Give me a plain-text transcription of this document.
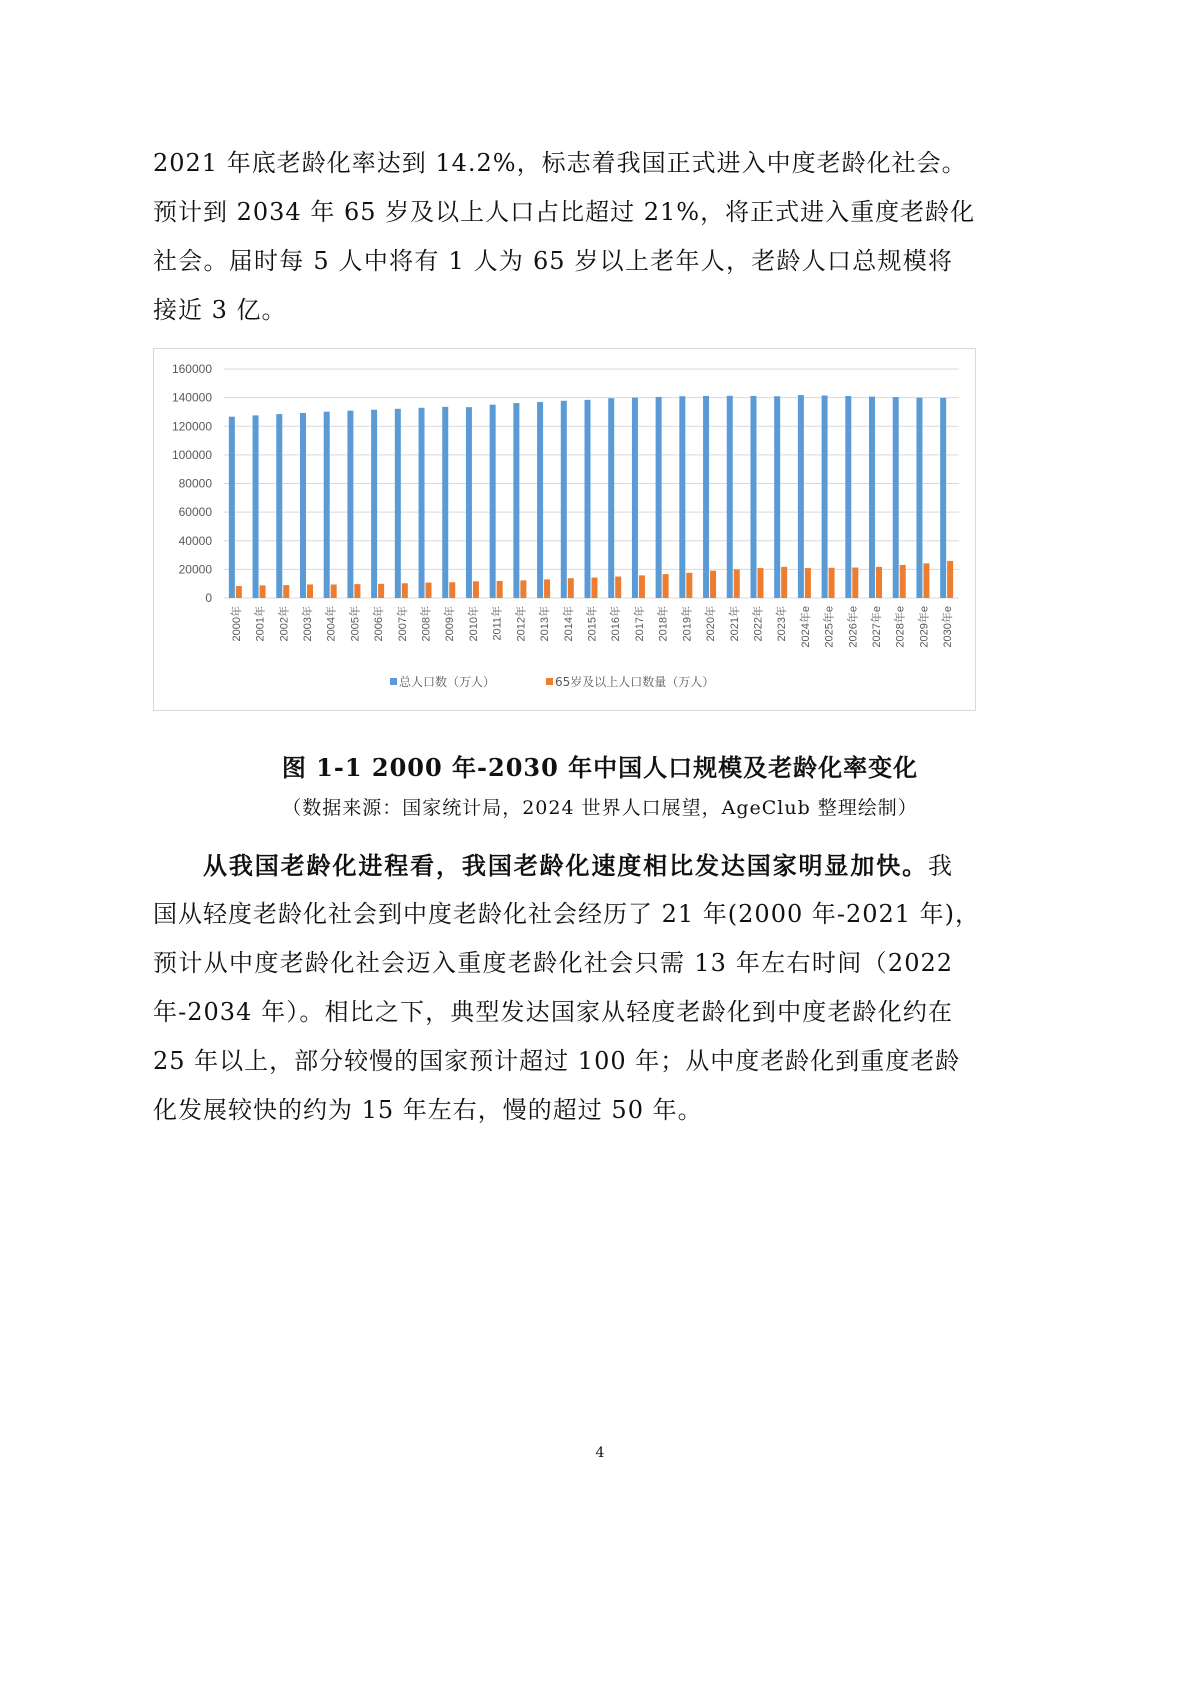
2021 年底老龄化率达到 14.2%，标志着我国正式进入中度老龄化社会。
预计到 2034 年 65 岁及以上人口占比超过 21%，将正式进入重度老龄化
社会。届时每 5 人中将有 1 人为 65 岁以上老年人，老龄人口总规模将
接近 3 亿。
0
20000
40000
60000
80000
100000
120000
140000
160000
2000年 2001年 2002年 2003年 2004年 2005年 2006年 2007年 2008年 2009年 2010年 2011年 2012年 2013年 2014年 2015年 2016年 2017年 2018年 2019年 2020年 2021年 2022年 2023年 2024年e 2025年e 2026年e 2027年e 2028年e 2029年e 2030年e
总人口数（万人）	65岁及以上人口数量（万人）
图 1-1 2000 年-2030 年中国人口规模及老龄化率变化
（数据来源：国家统计局，2024 世界人口展望，AgeClub 整理绘制）
从我国老龄化进程看，我国老龄化速度相比发达国家明显加快。我
国从轻度老龄化社会到中度老龄化社会经历了 21 年(2000 年-2021 年)，
预计从中度老龄化社会迈入重度老龄化社会只需 13 年左右时间（2022
年-2034 年）。相比之下，典型发达国家从轻度老龄化到中度老龄化约在
25 年以上，部分较慢的国家预计超过 100 年；从中度老龄化到重度老龄
化发展较快的约为 15 年左右，慢的超过 50 年。
4
